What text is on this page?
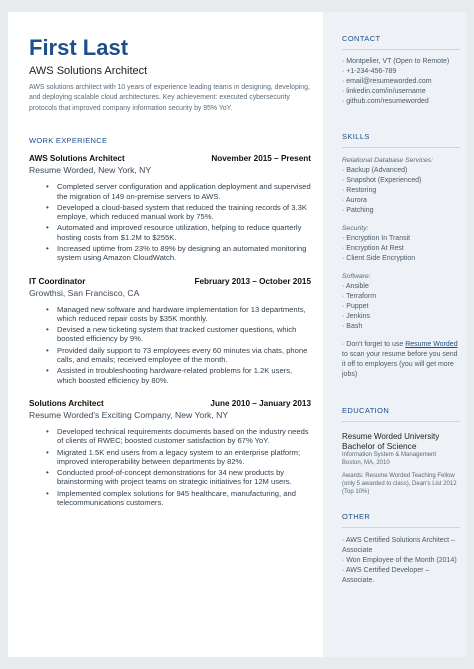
First Last
AWS Solutions Architect
AWS solutions architect with 10 years of experience leading teams in designing, developing, and deploying scalable cloud architectures. Key achievement: executed cybersecurity protocols that improved company information security by 95% YoY.
WORK EXPERIENCE
AWS Solutions Architect	November 2015 – Present
Resume Worded, New York, NY
• Completed server configuration and application deployment and supervised the migration of 149 on-premise servers to AWS.
• Developed a cloud-based system that reduced the training records of 3.3K employe, which reduced manual work by 75%.
• Automated and improved resource utilization, helping to reduce quarterly hosting costs from $1.2M to $255K.
• Increased uptime from 23% to 89% by designing an automated monitoring system using Amazon CloudWatch.
IT Coordinator	February 2013 – October 2015
Growthsi, San Francisco, CA
• Managed new software and hardware implementation for 13 departments, which reduced repair costs by $35K monthly.
• Devised a new ticketing system that tracked customer questions, which boosted efficiency by 9%.
• Provided daily support to 73 employees every 60 minutes via chats, phone calls, and emails; received employee of the month.
• Assisted in troubleshooting hardware-related problems for 1.2K users, which boosted efficiency by 80%.
Solutions Architect	June 2010 – January 2013
Resume Worded's Exciting Company, New York, NY
• Developed technical requirements documents based on the industry needs of clients of RWEC; boosted customer satisfaction by 67% YoY.
• Migrated 1.5K end users from a legacy system to an enterprise platform; improved interoperability between departments by 82%.
• Conducted proof-of-concept demonstrations for 34 new products by brainstorming with project teams on strategic initiatives for 12M users.
• Implemented complex solutions for 945 healthcare, manufacturing, and telecommunications customers.
CONTACT
· Montpelier, VT (Open to Remote)
· +1-234-456-789
· email@resumeworded.com
· linkedin.com/in/username
· github.com/resumeworded
SKILLS
Relational Database Services:
· Backup (Advanced)
· Snapshot (Experienced)
· Restoring
· Aurora
· Patching
Security:
· Encryption In Transit
· Encryption At Rest
· Client Side Encryption
Software:
· Ansible
· Terraform
· Puppet
· Jenkins
· Bash
· Don't forget to use Resume Worded to scan your resume before you send it off to employers (you will get more jobs)
EDUCATION
Resume Worded University
Bachelor of Science
Information System & Management
Boston, MA, 2010
Awards: Resume Worded Teaching Fellow (only 5 awarded to class), Dean's List 2012 (Top 10%)
OTHER
· AWS Certified Solutions Architect – Associate
· Won Employee of the Month (2014)
· AWS Certified Developer – Associate.
